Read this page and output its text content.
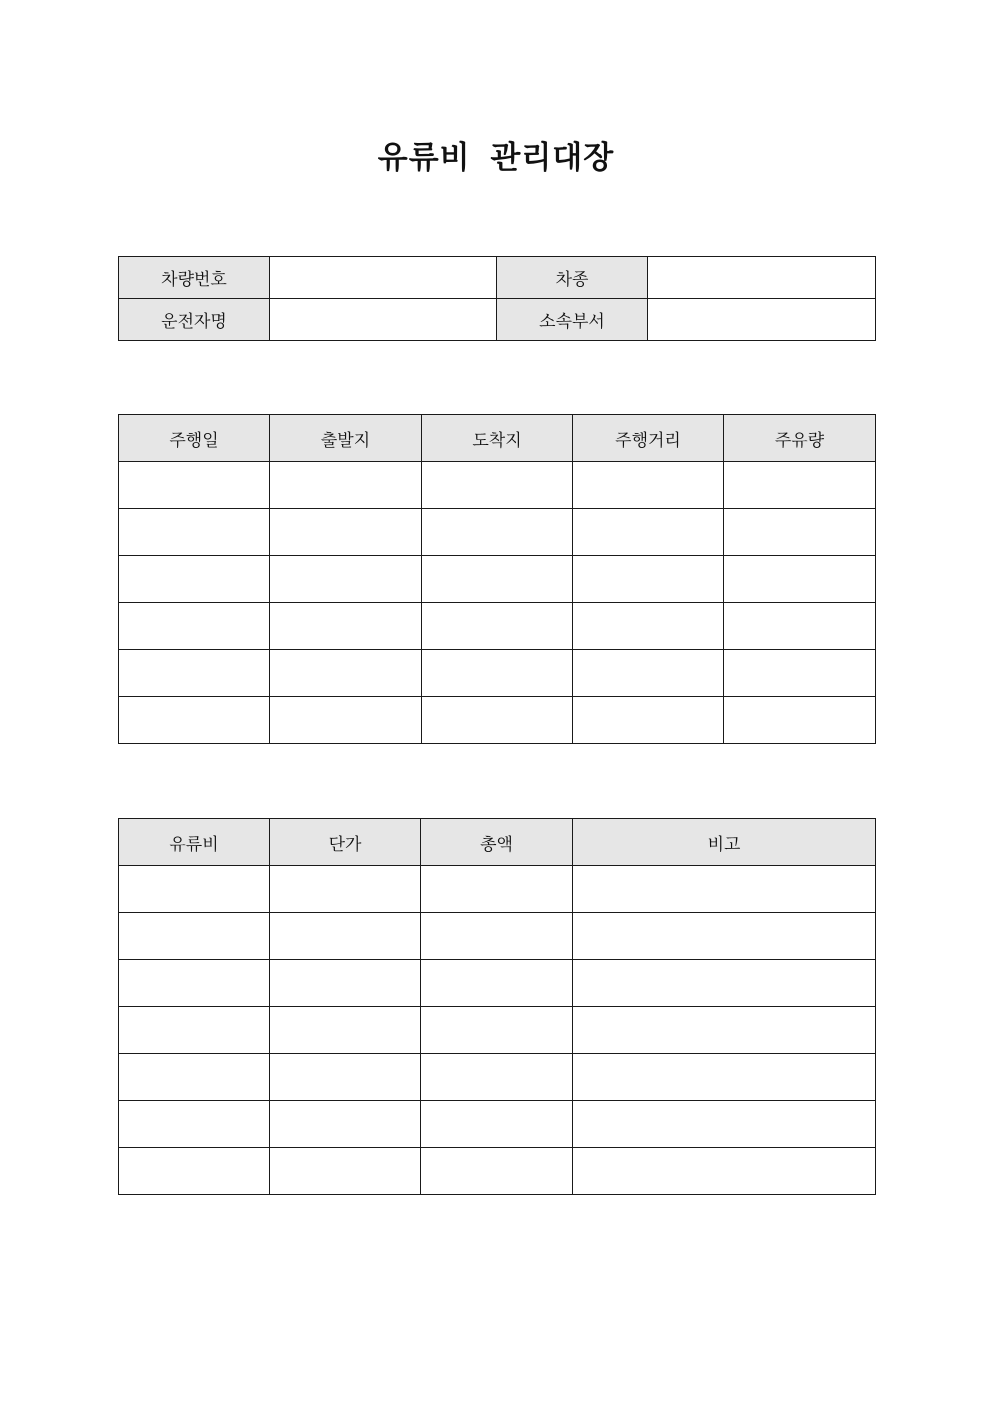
유류비 관리대장
차량번호		차종	
운전자명		소속부서	
주행일	출발지	도착지	주행거리	주유량

유류비	단가	총액	비고
